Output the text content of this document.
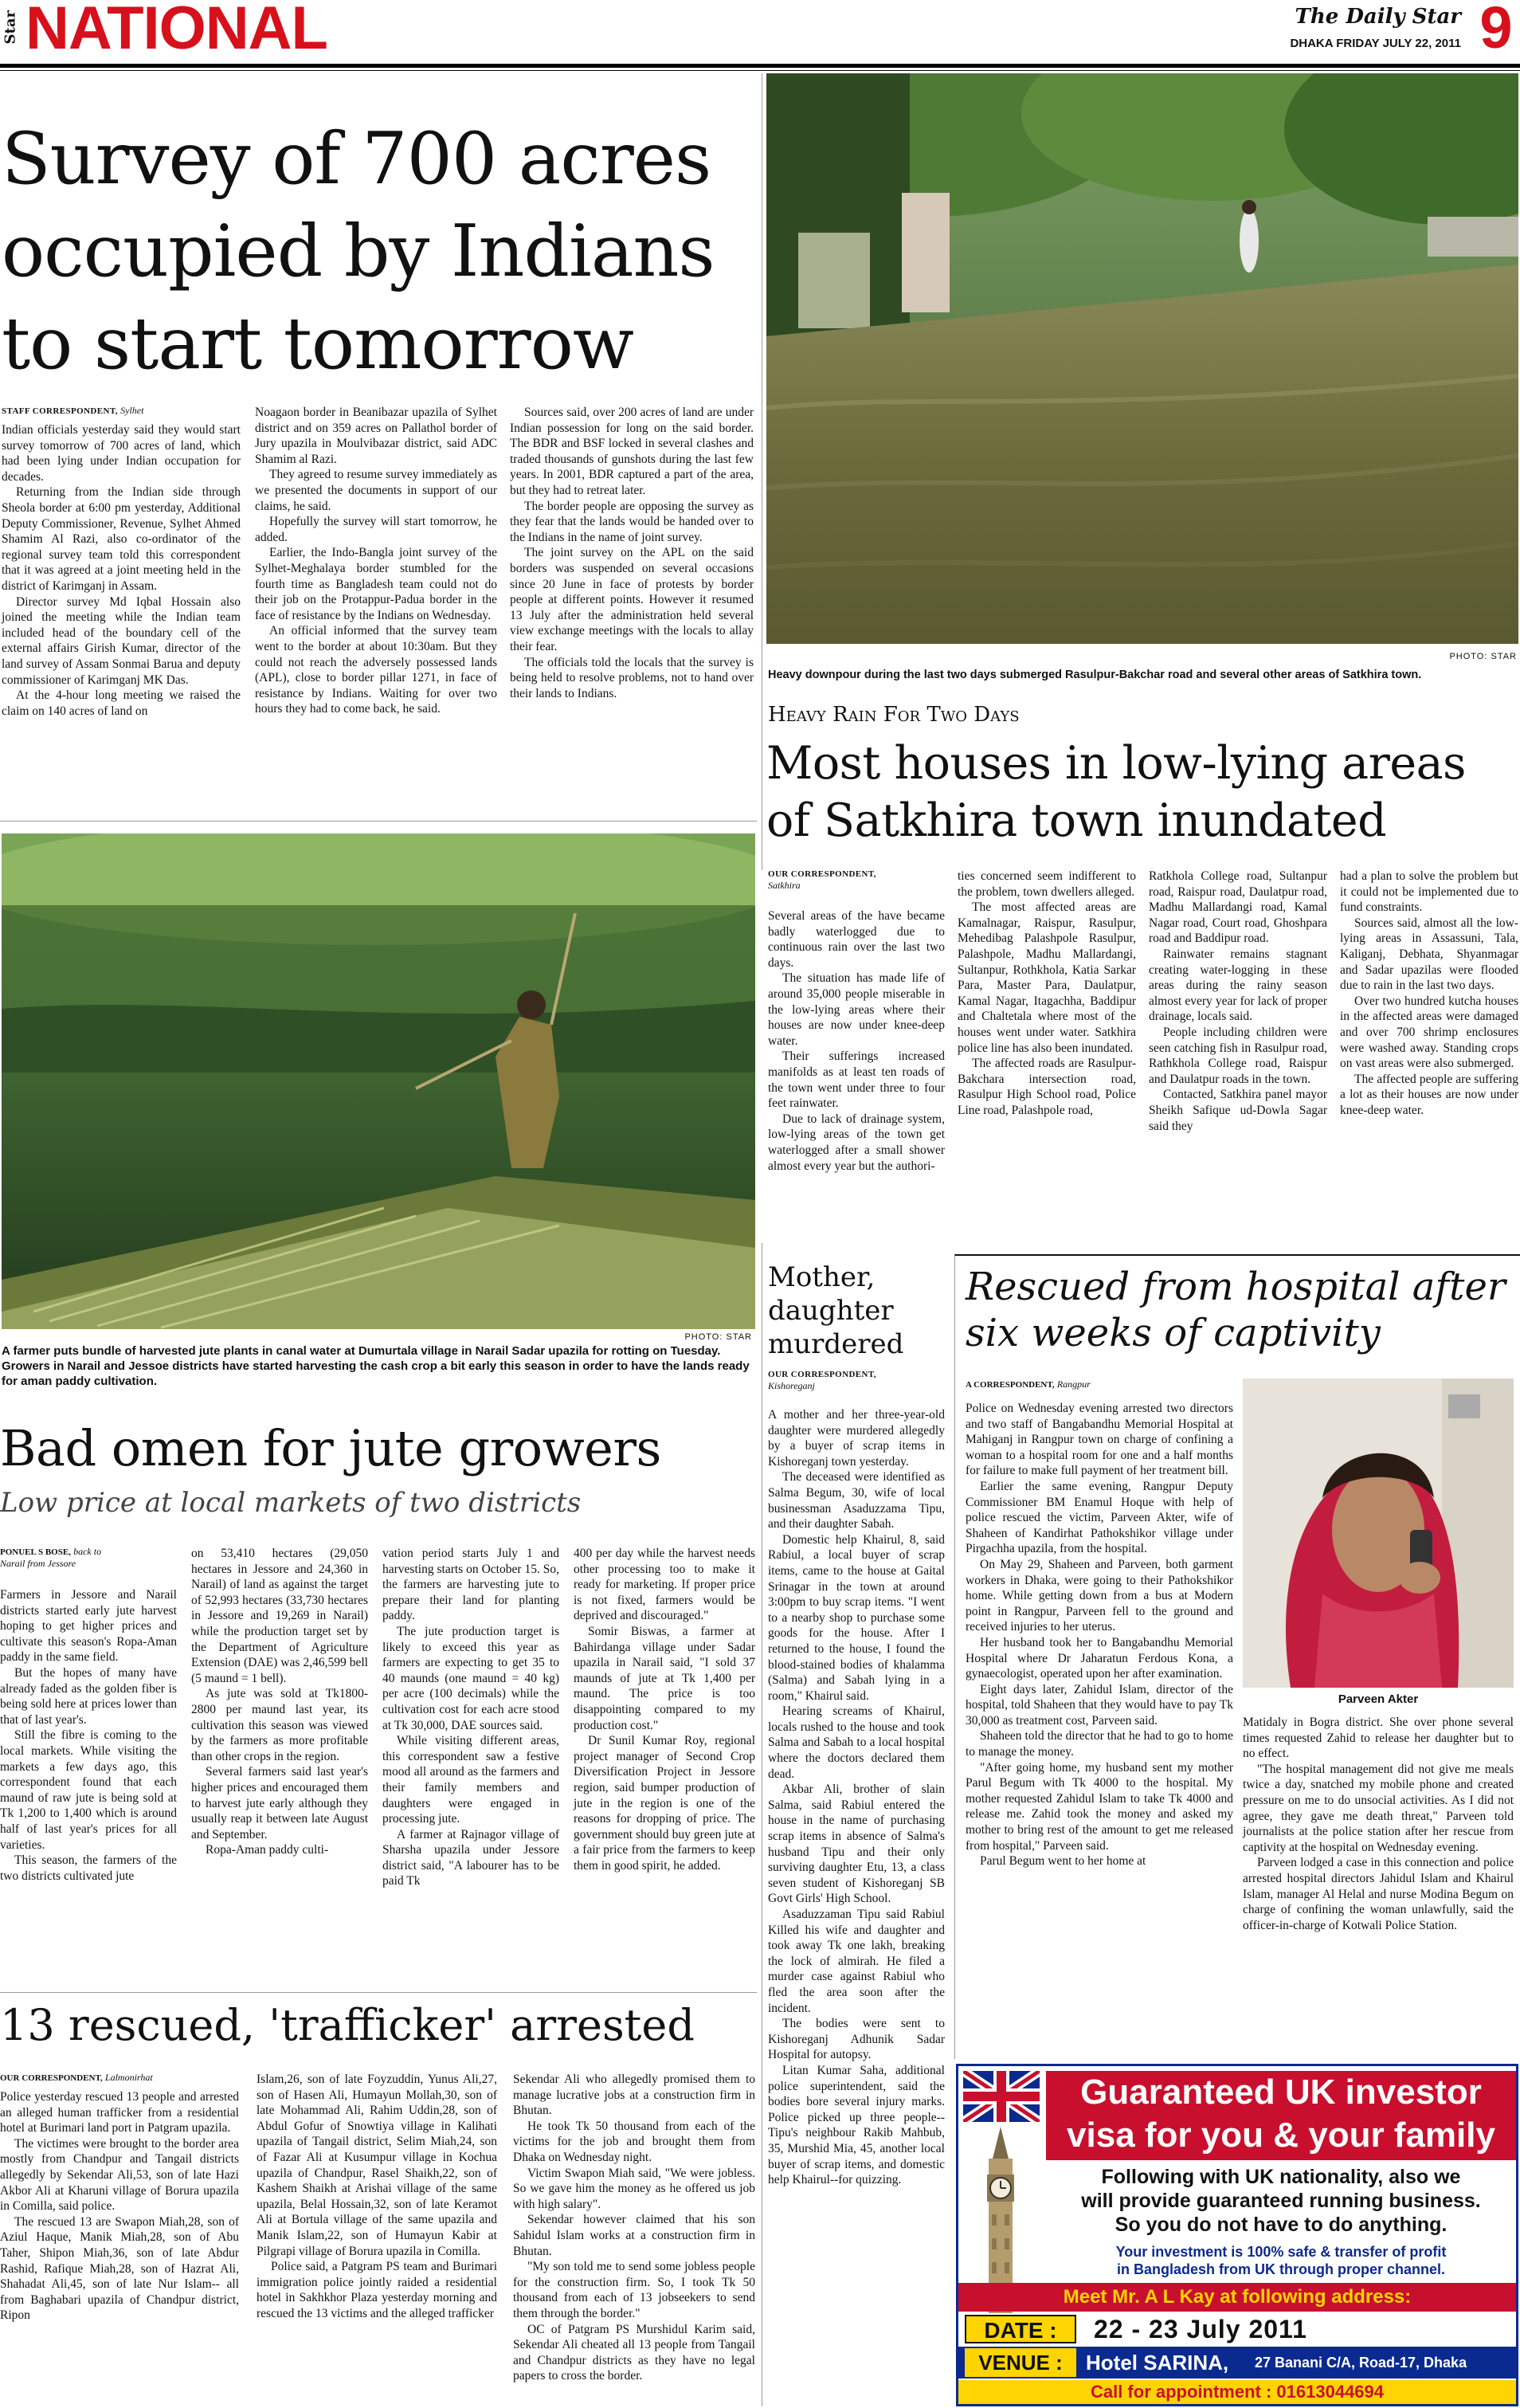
Star NATIONAL	The Daily Star
DHAKA FRIDAY JULY 22, 2011 9
Survey of 700 acres occupied by Indians to start tomorrow
STAFF CORRESPONDENT, Sylhet

Indian officials yesterday said they would start survey tomorrow of 700 acres of land, which had been lying under Indian occupation for decades.

Returning from the Indian side through Sheola border at 6:00 pm yesterday, Additional Deputy Commissioner, Revenue, Sylhet Ahmed Shamim Al Razi, also co-ordinator of the regional survey team told this correspondent that it was agreed at a joint meeting held in the district of Karimganj in Assam.

Director survey Md Iqbal Hossain also joined the meeting while the Indian team included head of the boundary cell of the external affairs Girish Kumar, director of the land survey of Assam Sonmai Barua and deputy commissioner of Karimganj MK Das.

At the 4-hour long meeting we raised the claim on 140 acres of land on

Noagaon border in Beanibazar upazila of Sylhet district and on 359 acres on Pallathol border of Jury upazila in Moulvibazar district, said ADC Shamim al Razi.

They agreed to resume survey immediately as we presented the documents in support of our claims, he said.

Hopefully the survey will start tomorrow, he added.

Earlier, the Indo-Bangla joint survey of the Sylhet-Meghalaya border stumbled for the fourth time as Bangladesh team could not do their job on the Protappur-Padua border in the face of resistance by the Indians on Wednesday.

An official informed that the survey team went to the border at about 10:30am. But they could not reach the adversely possessed lands (APL), close to border pillar 1271, in face of resistance by Indians. Waiting for over two hours they had to come back, he said.

Sources said, over 200 acres of land are under Indian possession for long on the said border. The BDR and BSF locked in several clashes and traded thousands of gunshots during the last few years. In 2001, BDR captured a part of the area, but they had to retreat later.

The border people are opposing the survey as they fear that the lands would be handed over to the Indians in the name of joint survey.

The joint survey on the APL on the said borders was suspended on several occasions since 20 June in face of protests by border people at different points. However it resumed 13 July after the administration held several view exchange meetings with the locals to allay their fear.

The officials told the locals that the survey is being held to resolve problems, not to hand over their lands to Indians.

PHOTO: STAR
Heavy downpour during the last two days submerged Rasulpur-Bakchar road and several other areas of Satkhira town.
Heavy Rain For Two Days
Most houses in low-lying areas of Satkhira town inundated
OUR CORRESPONDENT,
Satkhira

Several areas of the have became badly waterlogged due to continuous rain over the last two days.

The situation has made life of around 35,000 people miserable in the low-lying areas where their houses are now under knee-deep water.

Their sufferings increased manifolds as at least ten roads of the town went under three to four feet rainwater.

Due to lack of drainage system, low-lying areas of the town get waterlogged after a small shower almost every year but the authori-

ties concerned seem indifferent to the problem, town dwellers alleged.

The most affected areas are Kamalnagar, Raispur, Rasulpur, Mehedibag Palashpole Rasulpur, Palashpole, Madhu Mallardangi, Sultanpur, Rothkhola, Katia Sarkar Para, Master Para, Daulatpur, Kamal Nagar, Itagachha, Baddipur and Chaltetala where most of the houses went under water. Satkhira police line has also been inundated.

The affected roads are Rasulpur-Bakchara intersection road, Rasulpur High School road, Police Line road, Palashpole road,

Ratkhola College road, Sultanpur road, Raispur road, Daulatpur road, Madhu Mallardangi road, Kamal Nagar road, Court road, Ghoshpara road and Baddipur road.

Rainwater remains stagnant creating water-logging in these areas during the rainy season almost every year for lack of proper drainage, locals said.

People including children were seen catching fish in Rasulpur road, Rathkhola College road, Raispur and Daulatpur roads in the town.

Contacted, Satkhira panel mayor Sheikh Safique ud-Dowla Sagar said they

had a plan to solve the problem but it could not be implemented due to fund constraints.

Sources said, almost all the low-lying areas in Assassuni, Tala, Kaliganj, Debhata, Shyanmagar and Sadar upazilas were flooded due to rain in the last two days.

Over two hundred kutcha houses in the affected areas were damaged and over 700 shrimp enclosures were washed away. Standing crops on vast areas were also submerged.

The affected people are suffering a lot as their houses are now under knee-deep water.

PHOTO: STAR
A farmer puts bundle of harvested jute plants in canal water at Dumurtala village in Narail Sadar upazila for rotting on Tuesday. Growers in Narail and Jessoe districts have started harvesting the cash crop a bit early this season in order to have the lands ready for aman paddy cultivation.
Bad omen for jute growers
Low price at local markets of two districts
PONUEL S BOSE, back to
Narail from Jessore

Farmers in Jessore and Narail districts started early jute harvest hoping to get higher prices and cultivate this season's Ropa-Aman paddy in the same field.

But the hopes of many have already faded as the golden fiber is being sold here at prices lower than that of last year's.

Still the fibre is coming to the local markets. While visiting the markets a few days ago, this correspondent found that each maund of raw jute is being sold at Tk 1,200 to 1,400 which is around half of last year's prices for all varieties.

This season, the farmers of the two districts cultivated jute

on 53,410 hectares (29,050 hectares in Jessore and 24,360 in Narail) of land as against the target of 52,993 hectares (33,730 hectares in Jessore and 19,269 in Narail) while the production target set by the Department of Agriculture Extension (DAE) was 2,46,599 bell (5 maund = 1 bell).

As jute was sold at Tk1800-2800 per maund last year, its cultivation this season was viewed by the farmers as more profitable than other crops in the region.

Several farmers said last year's higher prices and encouraged them to harvest jute early although they usually reap it between late August and September.

Ropa-Aman paddy culti-

vation period starts July 1 and harvesting starts on October 15. So, the farmers are harvesting jute to prepare their land for planting paddy.

The jute production target is likely to exceed this year as farmers are expecting to get 35 to 40 maunds (one maund = 40 kg) per acre (100 decimals) while the cultivation cost for each acre stood at Tk 30,000, DAE sources said.

While visiting different areas, this correspondent saw a festive mood all around as the farmers and their family members and daughters were engaged in processing jute.

A farmer at Rajnagor village of Sharsha upazila under Jessore district said, "A labourer has to be paid Tk

400 per day while the harvest needs other processing too to make it ready for marketing. If proper price is not fixed, farmers would be deprived and discouraged."

Somir Biswas, a farmer at Bahirdanga village under Sadar upazila in Narail said, "I sold 37 maunds of jute at Tk 1,400 per maund. The price is too disappointing compared to my production cost."

Dr Sunil Kumar Roy, regional project manager of Second Crop Diversification Project in Jessore region, said bumper production of jute in the region is one of the reasons for dropping of price. The government should buy green jute at a fair price from the farmers to keep them in good spirit, he added.

Mother, daughter murdered
OUR CORRESPONDENT,
Kishoreganj

A mother and her three-year-old daughter were murdered allegedly by a buyer of scrap items in Kishoreganj town yesterday.

The deceased were identified as Salma Begum, 30, wife of local businessman Asaduzzama Tipu, and their daughter Sabah.

Domestic help Khairul, 8, said Rabiul, a local buyer of scrap items, came to the house at Gaital Srinagar in the town at around 3:00pm to buy scrap items. "I went to a nearby shop to purchase some goods for the house. After I returned to the house, I found the blood-stained bodies of khalamma (Salma) and Sabah lying in a room," Khairul said.

Hearing screams of Khairul, locals rushed to the house and took Salma and Sabah to a local hospital where the doctors declared them dead.

Akbar Ali, brother of slain Salma, said Rabiul entered the house in the name of purchasing scrap items in absence of Salma's husband Tipu and their only surviving daughter Etu, 13, a class seven student of Kishoreganj SB Govt Girls' High School.

Asaduzzaman Tipu said Rabiul Killed his wife and daughter and took away Tk one lakh, breaking the lock of almirah. He filed a murder case against Rabiul who fled the area soon after the incident.

The bodies were sent to Kishoreganj Adhunik Sadar Hospital for autopsy.

Litan Kumar Saha, additional police superintendent, said the bodies bore several injury marks. Police picked up three people--Tipu's neighbour Rakib Mahbub, 35, Murshid Mia, 45, another local buyer of scrap items, and domestic help Khairul--for quizzing.

Rescued from hospital after six weeks of captivity
A CORRESPONDENT, Rangpur

Police on Wednesday evening arrested two directors and two staff of Bangabandhu Memorial Hospital at Mahiganj in Rangpur town on charge of confining a woman to a hospital room for one and a half months for failure to make full payment of her treatment bill.

Earlier the same evening, Rangpur Deputy Commissioner BM Enamul Hoque with help of police rescued the victim, Parveen Akter, wife of Shaheen of Kandirhat Pathokshikor village under Pirgachha upazila, from the hospital.

On May 29, Shaheen and Parveen, both garment workers in Dhaka, were going to their Pathokshikor home. While getting down from a bus at Modern point in Rangpur, Parveen fell to the ground and received injuries to her uterus.

Her husband took her to Bangabandhu Memorial Hospital where Dr Jaharatun Ferdous Kona, a gynaecologist, operated upon her after examination.

Eight days later, Zahidul Islam, director of the hospital, told Shaheen that they would have to pay Tk 30,000 as treatment cost, Parveen said.

Shaheen told the director that he had to go to home to manage the money.

"After going home, my husband sent my mother Parul Begum with Tk 4000 to the hospital. My mother requested Zahidul Islam to take Tk 4000 and release me. Zahid took the money and asked my mother to bring rest of the amount to get me released from hospital," Parveen said.

Parul Begum went to her home at

Parveen Akter

Matidaly in Bogra district. She over phone several times requested Zahid to release her daughter but to no effect.

"The hospital management did not give me meals twice a day, snatched my mobile phone and created pressure on me to do unsocial activities. As I did not agree, they gave me death threat," Parveen told journalists at the police station after her rescue from captivity at the hospital on Wednesday evening.

Parveen lodged a case in this connection and police arrested hospital directors Jahidul Islam and Khairul Islam, manager Al Helal and nurse Modina Begum on charge of confining the woman unlawfully, said the officer-in-charge of Kotwali Police Station.

13 rescued, 'trafficker' arrested
OUR CORRESPONDENT, Lalmonirhat

Police yesterday rescued 13 people and arrested an alleged human trafficker from a residential hotel at Burimari land port in Patgram upazila.

The victimes were brought to the border area mostly from Chandpur and Tangail districts allegedly by Sekendar Ali,53, son of late Hazi Akbor Ali at Kharuni village of Borura upazila in Comilla, said police.

The rescued 13 are Swapon Miah,28, son of Aziul Haque, Manik Miah,28, son of Abu Taher, Shipon Miah,36, son of late Abdur Rashid, Rafique Miah,28, son of Hazrat Ali, Shahadat Ali,45, son of late Nur Islam-- all from Baghabari upazila of Chandpur district, Ripon

Islam,26, son of late Foyzuddin, Yunus Ali,27, son of Hasen Ali, Humayun Mollah,30, son of late Mohammad Ali, Rahim Uddin,28, son of Abdul Gofur of Snowtiya village in Kalihati upazila of Tangail district, Selim Miah,24, son of Fazar Ali at Kusumpur village in Kochua upazila of Chandpur, Rasel Shaikh,22, son of Kashem Shaikh at Arishai village of the same upazila, Belal Hossain,32, son of late Keramot Ali at Bortula village of the same upazila and Manik Islam,22, son of Humayun Kabir at Pilgrapi village of Borura upazila in Comilla.

Police said, a Patgram PS team and Burimari immigration police jointly raided a residential hotel in Sakhkhor Plaza yesterday morning and rescued the 13 victims and the alleged trafficker

Sekendar Ali who allegedly promised them to manage lucrative jobs at a construction firm in Bhutan.

He took Tk 50 thousand from each of the victims for the job and brought them from Dhaka on Wednesday night.

Victim Swapon Miah said, "We were jobless. So we gave him the money as he offered us job with high salary".

Sekendar however claimed that his son Sahidul Islam works at a construction firm in Bhutan.

"My son told me to send some jobless people for the construction firm. So, I took Tk 50 thousand from each of 13 jobseekers to send them through the border."

OC of Patgram PS Murshidul Karim said, Sekendar Ali cheated all 13 people from Tangail and Chandpur districts as they have no legal papers to cross the border.

Guaranteed UK investor
visa for you & your family
Following with UK nationality, also we
will provide guaranteed running business.
So you do not have to do anything.
Your investment is 100% safe & transfer of profit
in Bangladesh from UK through proper channel.
Meet Mr. A L Kay at following address:
DATE :	22 - 23 July 2011
VENUE :	Hotel SARINA, 27 Banani C/A, Road-17, Dhaka
Call for appointment : 01613044694
